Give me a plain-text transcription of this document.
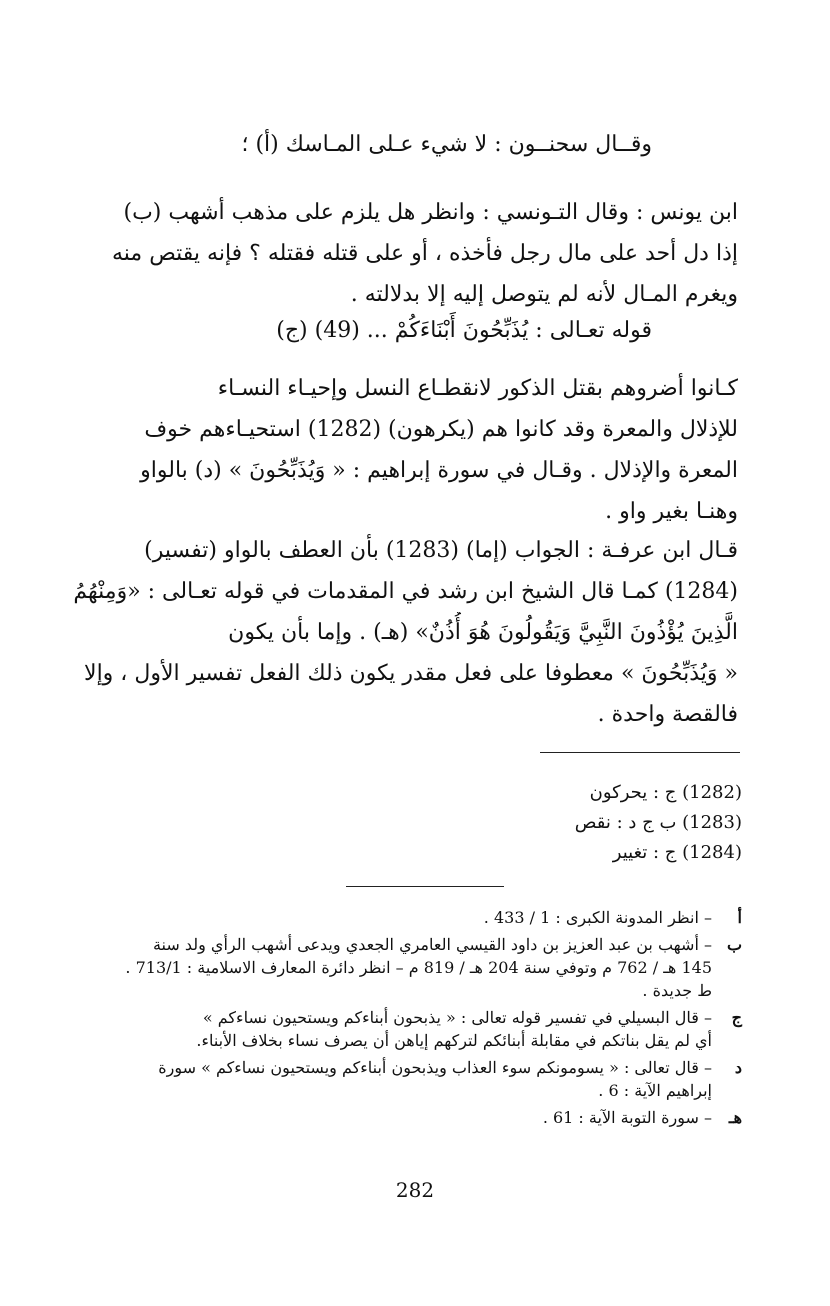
وقــال سحنــون : لا شيء عـلى المـاسك (أ) ؛

ابن يونس : وقال التـونسي : وانظر هل يلزم على مذهب أشهب (ب)
إذا دل أحد على مال رجل فأخذه ، أو على قتله فقتله ؟ فإنه يقتص منه
ويغرم المـال لأنه لم يتوصل إليه إلا بدلالته .

قوله تعـالى : يُذَبِّحُونَ أَبْنَاءَكُمْ ... (49) (ج)

كـانوا أضروهم بقتل الذكور لانقطـاع النسل وإحيـاء النسـاء
للإذلال والمعرة وقد كانوا هم (يكرهون) (1282) استحيـاءهم خوف
المعرة والإذلال . وقـال في سورة إبراهيم : « وَيُذَبِّحُونَ » (د) بالواو
وهنـا بغير واو .

قـال ابن عرفـة : الجواب (إما) (1283) بأن العطف بالواو (تفسير)
(1284) كمـا قال الشيخ ابن رشد في المقدمات في قوله تعـالى : «وَمِنْهُمُ
الَّذِينَ يُؤْذُونَ النَّبِيَّ وَيَقُولُونَ هُوَ أُذُنٌ» (هـ) . وإما بأن يكون
« وَيُذَبِّحُونَ » معطوفا على فعل مقدر يكون ذلك الفعل تفسير الأول ، وإلا
فالقصة واحدة .

(1282) ج : يحركون
(1283) ب ج د : نقص
(1284) ج : تغيير
أ
– انظر المدونة الكبرى : 1 / 433 .
ب
– أشهب بن عبد العزيز بن داود القيسي العامري الجعدي ويدعى أشهب الرأي ولد سنة
145 هـ / 762 م وتوفي سنة 204 هـ / 819 م – انظر دائرة المعارف الاسلامية : 713/1 .
ط جديدة .
ج
– قال البسيلي في تفسير قوله تعالى : « يذبحون أبناءكم ويستحيون نساءكم »
أي لم يقل بناتكم في مقابلة أبنائكم لتركهم إياهن أن يصرف نساء بخلاف الأبناء.
د
– قال تعالى : « يسومونكم سوء العذاب ويذبحون أبناءكم ويستحيون نساءكم » سورة
إبراهيم الآية : 6 .
هـ
– سورة التوبة الآية : 61 .
282
